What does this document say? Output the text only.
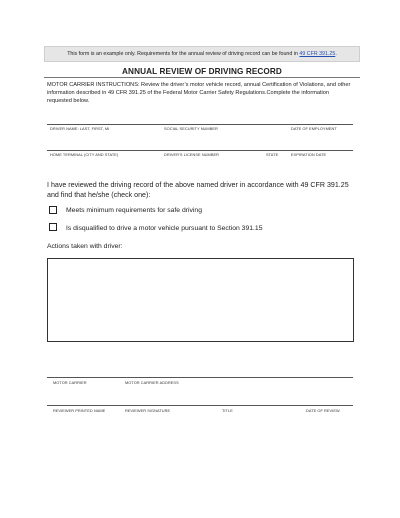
This form is an example only. Requirements for the annual review of driving record can be found in 49 CFR 391.25.
ANNUAL REVIEW OF DRIVING RECORD
MOTOR CARRIER INSTRUCTIONS: Review the driver’s motor vehicle record, annual Certification of Violations, and other information described in 49 CFR 391.25 of the Federal Motor Carrier Safety Regulations.Complete the information requested below.
DRIVER NAME: LAST, FIRST, MI	SOCIAL SECURITY NUMBER	DATE OF EMPLOYMENT
HOME TERMINAL (CITY AND STATE)	DRIVER’S LICENSE NUMBER	STATE	EXPIRATION DATE
I have reviewed the driving record of the above named driver in accordance with 49 CFR 391.25 and find that he/she (check one):
Meets minimum requirements for safe driving
Is disqualified to drive a motor vehicle pursuant to Section 391.15
Actions taken with driver:
MOTOR CARRIER	MOTOR CARRIER ADDRESS
REVIEWER PRINTED NAME	REVIEWER SIGNATURE	TITLE	DATE OF REVIEW
